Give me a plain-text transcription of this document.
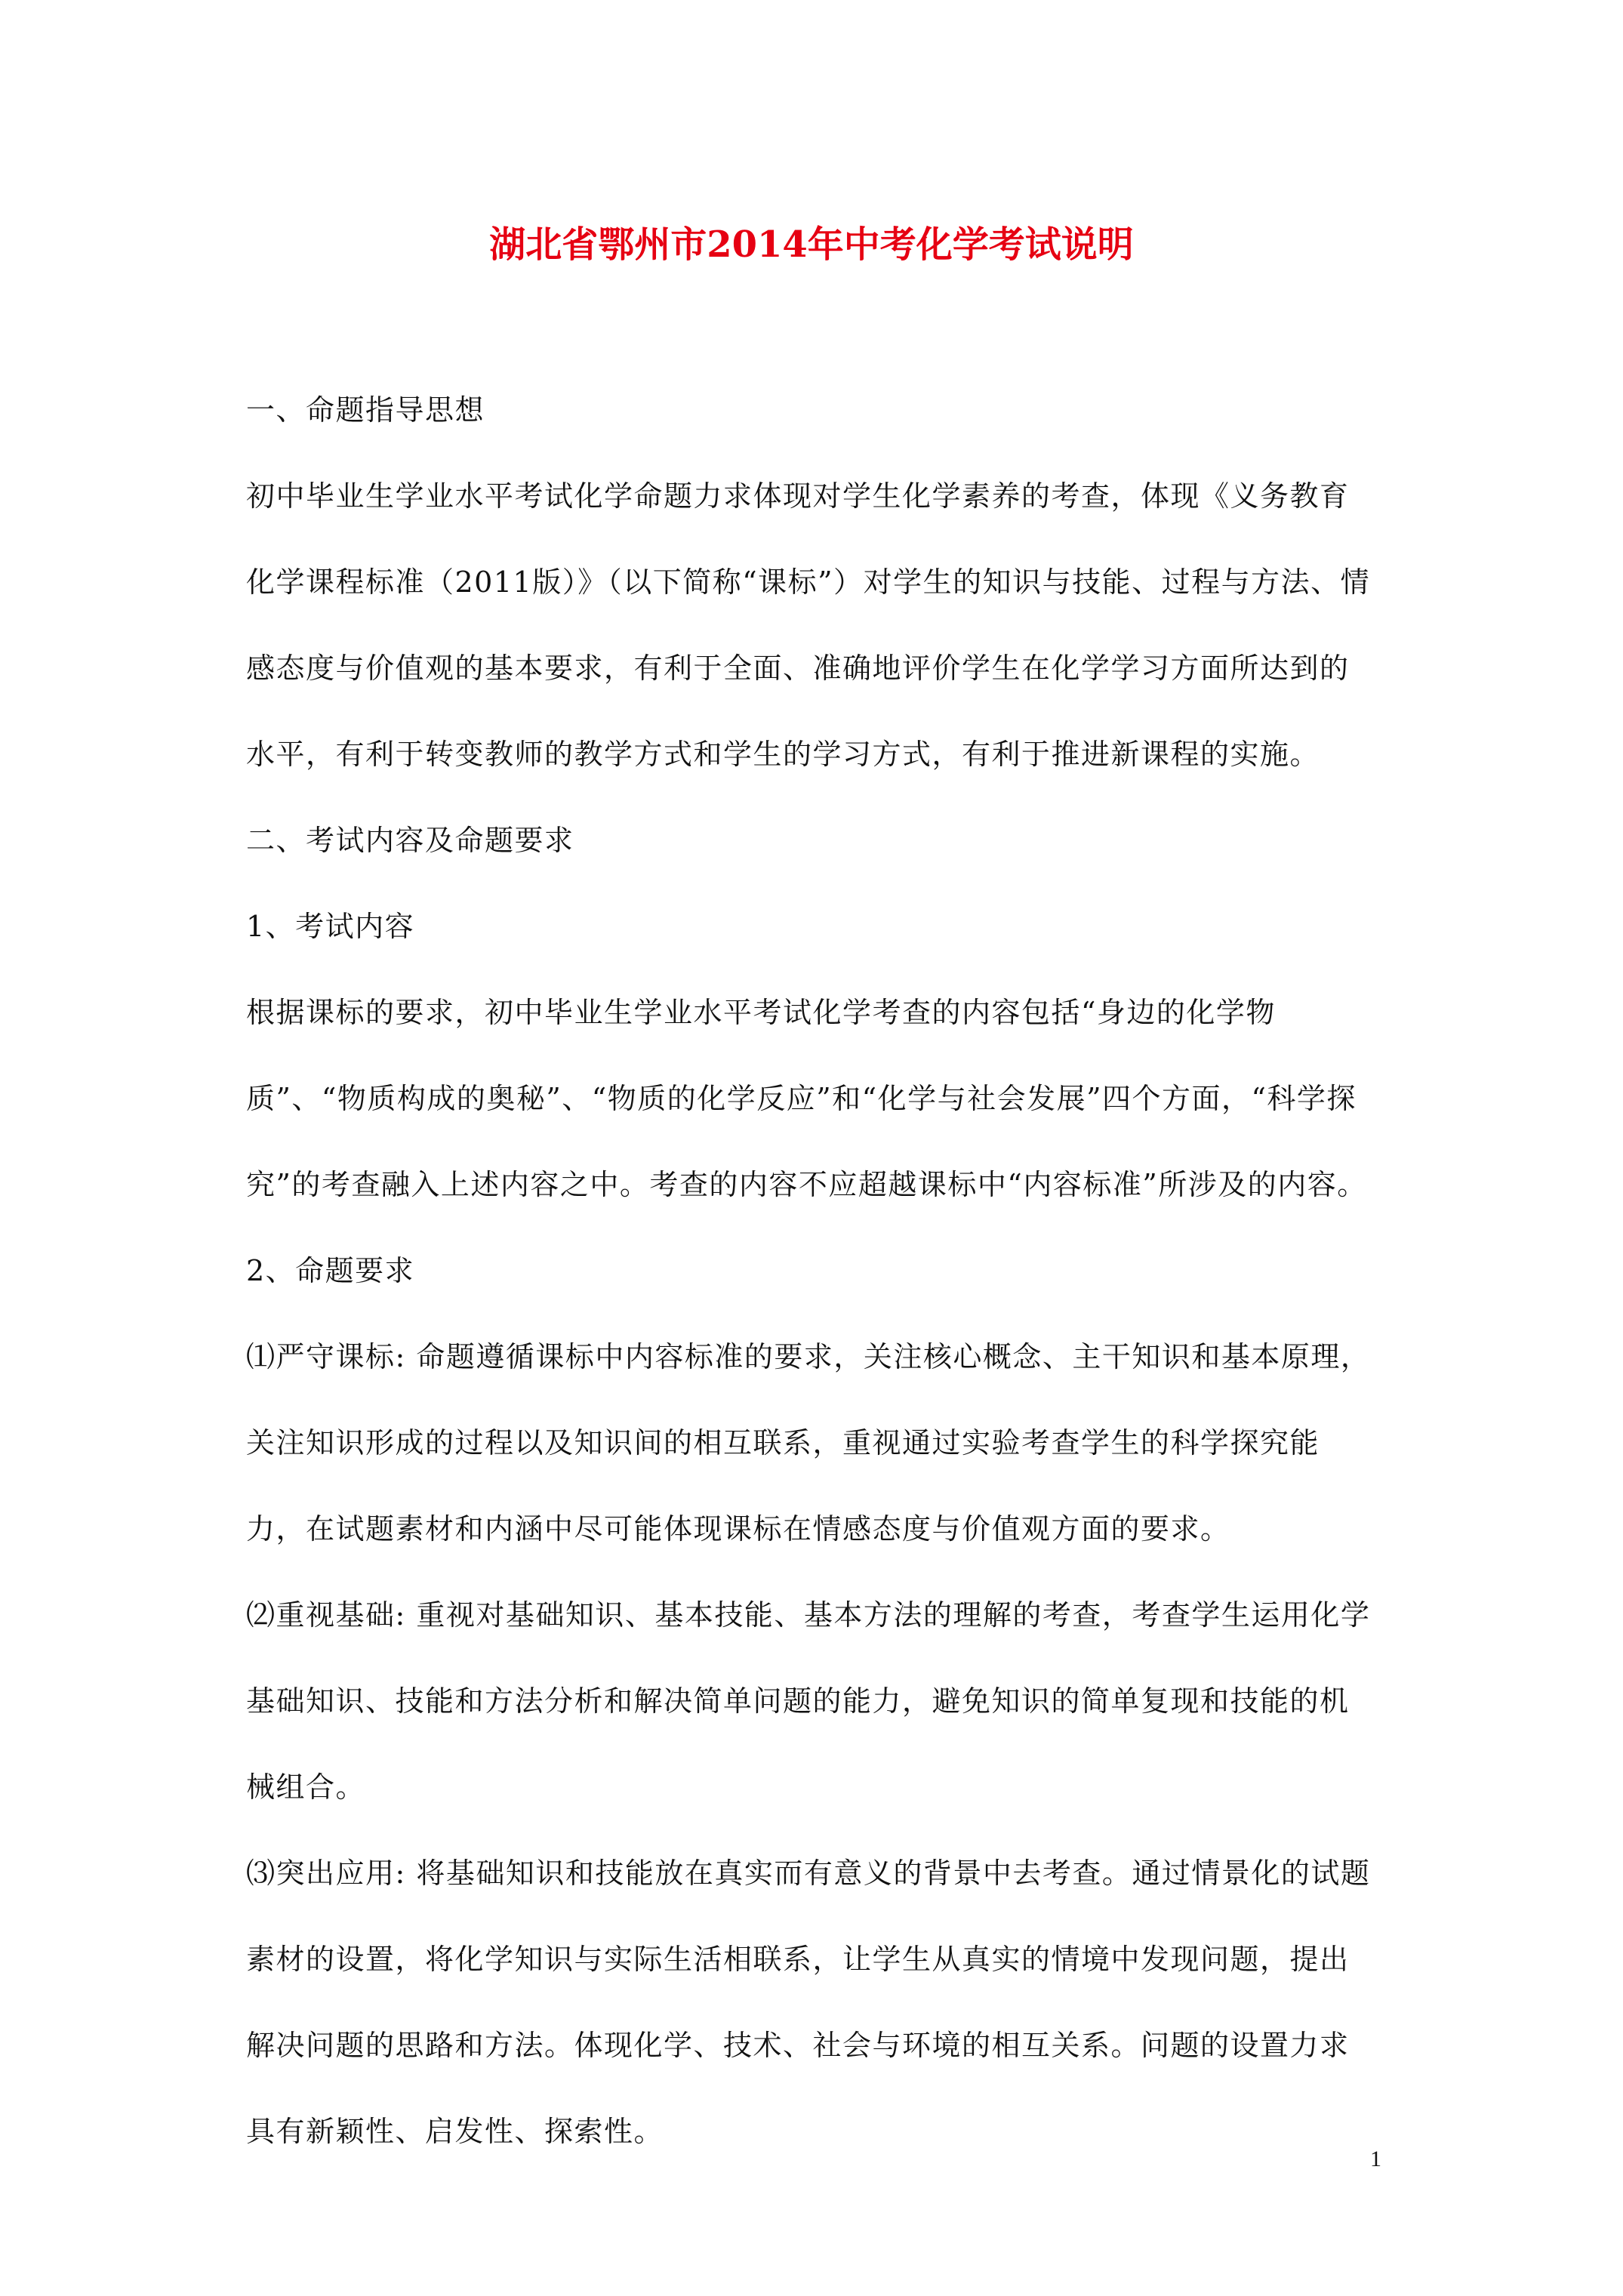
湖北省鄂州市2014年中考化学考试说明

一、命题指导思想

初中毕业生学业水平考试化学命题力求体现对学生化学素养的考查，体现《义务教育化学课程标准（2011版）》（以下简称“课标”）对学生的知识与技能、过程与方法、情感态度与价值观的基本要求，有利于全面、准确地评价学生在化学学习方面所达到的水平，有利于转变教师的教学方式和学生的学习方式，有利于推进新课程的实施。

二、考试内容及命题要求

1、考试内容

根据课标的要求，初中毕业生学业水平考试化学考查的内容包括“身边的化学物质”、“物质构成的奥秘”、“物质的化学反应”和“化学与社会发展”四个方面，“科学探究”的考查融入上述内容之中。考查的内容不应超越课标中“内容标准”所涉及的内容。

2、命题要求

⑴严守课标: 命题遵循课标中内容标准的要求，关注核心概念、主干知识和基本原理，关注知识形成的过程以及知识间的相互联系，重视通过实验考查学生的科学探究能力，在试题素材和内涵中尽可能体现课标在情感态度与价值观方面的要求。

⑵重视基础: 重视对基础知识、基本技能、基本方法的理解的考查，考查学生运用化学基础知识、技能和方法分析和解决简单问题的能力，避免知识的简单复现和技能的机械组合。

⑶突出应用: 将基础知识和技能放在真实而有意义的背景中去考查。通过情景化的试题素材的设置，将化学知识与实际生活相联系，让学生从真实的情境中发现问题，提出解决问题的思路和方法。体现化学、技术、社会与环境的相互关系。问题的设置力求具有新颖性、启发性、探索性。

1
